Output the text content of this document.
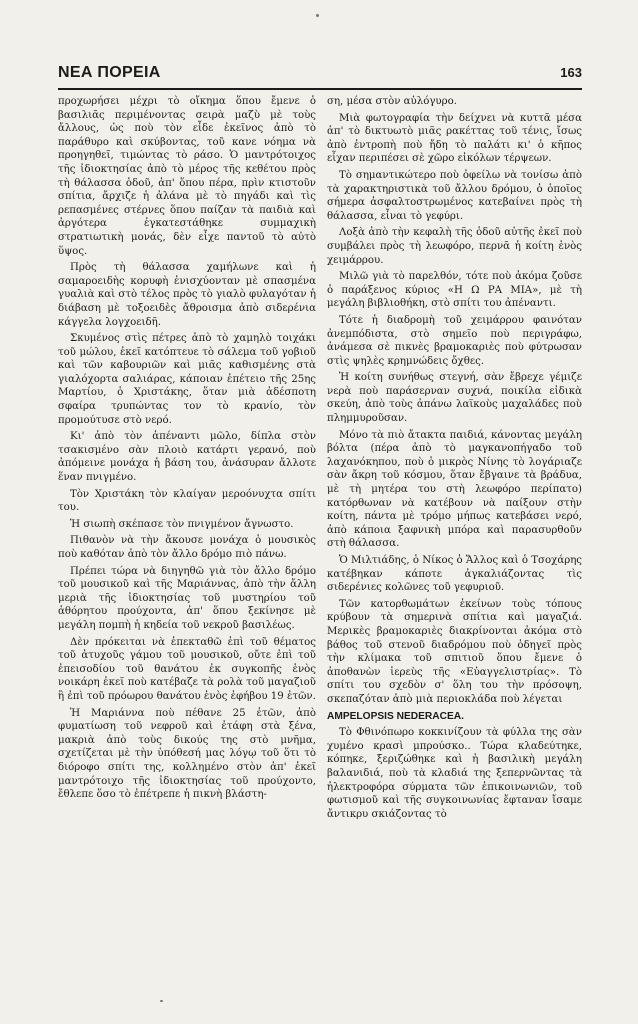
ΝΕΑ ΠΟΡΕΙΑ	163

προχωρήσει μέχρι τὸ οἴκημα ὅπου ἔμενε ὁ βασιλιᾶς περιμένοντας σειρὰ μαζὺ μὲ τοὺς ἄλλους, ὡς ποὺ τὸν εἶδε ἐκεῖνος ἀπὸ τὸ παράθυρο καὶ σκύβοντας, τοῦ κανε νόημα νὰ προηγηθεῖ, τιμώντας τὸ ράσο. Ὁ μαντρότοιχος τῆς ἰδιοκτησίας ἀπὸ τὸ μέρος τῆς κεθέτου πρὸς τὴ θάλασσα ὁδοῦ, ἀπ' ὅπου πέρα, πρὶν κτιστοῦν σπίτια, ἄρχιζε ἡ ἀλάνα μὲ τὸ πηγάδι καὶ τὶς ρεπασμένες στέρνες ὅπου παίζαν τὰ παιδιὰ καὶ ἀργότερα ἐγκατεστάθηκε συμμαχικὴ στρατιωτικὴ μονάς, δὲν εἶχε παντοῦ τὸ αὐτὸ ὕψος.

Πρὸς τὴ θάλασσα χαμήλωνε καὶ ἡ σαμαροειδὴς κορυφὴ ἐνισχύονταν μὲ σπασμένα γυαλιὰ καὶ στὸ τέλος πρὸς τὸ γιαλὸ φυλαγόταν ἡ διάβαση μὲ τοξοειδὲς ἄθροισμα ἀπὸ σιδερένια κάγγελα λογχοειδῆ.

Σκυμένος στὶς πέτρες ἀπὸ τὸ χαμηλὸ τοιχάκι τοῦ μώλου, ἐκεῖ κατόπτευε τὸ σάλεμα τοῦ γοβιοῦ καὶ τῶν καβουριῶν καὶ μιᾶς καθισμένης στὰ γιαλόχορτα σαλιάρας, κάποιαν ἐπέτειο τῆς 25ης Μαρτίου, ὁ Χριστάκης, ὅταν μιὰ ἀδέσποτη σφαίρα τρυπώντας τον τὸ κρανίο, τὸν προμούτυσε στὸ νερό.

Κι' ἀπὸ τὸν ἀπέναντι μῶλο, δίπλα στὸν τσακισμένο σὰν πλοιὸ κατάρτι γερανό, ποὺ ἀπόμεινε μονάχα ἡ βάση του, ἀνάσυραν ἄλλοτε ἕναν πνιγμένο.

Τὸν Χριστάκη τὸν κλαίγαν μεροόνυχτα σπίτι του.

Ἡ σιωπὴ σκέπασε τὸν πνιγμένον ἄγνωστο.

Πιθανὸν νὰ τὴν ἄκουσε μονάχα ὁ μουσικὸς ποὺ καθόταν ἀπὸ τὸν ἄλλο δρόμο πιὸ πάνω.

Πρέπει τώρα νὰ διηγηθῶ γιὰ τὸν ἄλλο δρόμο τοῦ μουσικοῦ καὶ τῆς Μαριάννας, ἀπὸ τὴν ἄλλη μεριὰ τῆς ἰδιοκτησίας τοῦ μυστηρίου τοῦ ἀθόρητου προύχοντα, ἀπ' ὅπου ξεκίνησε μὲ μεγάλη πομπὴ ἡ κηδεία τοῦ νεκροῦ βασιλέως.

Δὲν πρόκειται νὰ ἐπεκταθῶ ἐπὶ τοῦ θέματος τοῦ ἀτυχοῦς γάμου τοῦ μουσικοῦ, οὔτε ἐπὶ τοῦ ἐπεισοδίου τοῦ θανάτου ἐκ συγκοπῆς ἑνὸς νοικάρη ἐκεῖ ποὺ κατέβαζε τὰ ρολὰ τοῦ μαγαζιοῦ ἢ ἐπὶ τοῦ πρόωρου θανάτου ἑνὸς ἐφήβου 19 ἐτῶν.

Ἡ Μαριάννα ποὺ πέθανε 25 ἐτῶν, ἀπὸ φυματίωση τοῦ νεφροῦ καὶ ἐτάφη στὰ ξένα, μακριὰ ἀπὸ τοὺς δικούς της στὸ μνῆμα, σχετίζεται μὲ τὴν ὑπόθεσή μας λόγῳ τοῦ ὅτι τὸ διόροφο σπίτι της, κολλημένο στὸν ἀπ' ἐκεῖ μαντρότοιχο τῆς ἰδιοκτησίας τοῦ προύχοντο, ἔθλεπε ὅσο τὸ ἐπέτρεπε ἡ πικνὴ βλάστη-

ση, μέσα στὸν αὐλόγυρο.

Μιὰ φωτογραφία τὴν δείχνει νὰ κυττᾶ μέσα ἀπ' τὸ δικτυωτὸ μιᾶς ρακέττας τοῦ τένις, ἴσως ἀπὸ ἐντροπὴ ποὺ ἤδη τὸ παλάτι κι' ὁ κῆπος εἶχαν περιπέσει σὲ χῶρο εἰκόλων τέρψεων.

Τὸ σημαντικώτερο ποὺ ὀφείλω νὰ τονίσω ἀπὸ τὰ χαρακτηριστικὰ τοῦ ἄλλου δρόμου, ὁ ὁποῖος σήμερα ἀσφαλτοστρωμένος κατεβαίνει πρὸς τὴ θάλασσα, εἶναι τὸ γεφύρι.

Λοξὰ ἀπὸ τὴν κεφαλὴ τῆς ὁδοῦ αὐτῆς ἐκεῖ ποὺ συμβάλει πρὸς τὴ λεωφόρο, περνᾶ ἡ κοίτη ἑνὸς χειμάρρου.

Μιλῶ γιὰ τὸ παρελθόν, τότε ποὺ ἀκόμα ζοῦσε ὁ παράξενος κύριος «Η Ω ΡΑ ΜΙΑ», μὲ τὴ μεγάλη βιβλιοθήκη, στὸ σπίτι του ἀπέναντι.

Τότε ἡ διαδρομὴ τοῦ χειμάρρου φαινόταν ἀνεμπόδιστα, στὸ σημεῖο ποὺ περιγράφω, ἀνάμεσα σὲ πικνὲς βραμοκαριὲς ποὺ φύτρωσαν στὶς ψηλὲς κρημνώδεις ὄχθες.

Ἡ κοίτη συνήθως στεγνή, σὰν ἔβρεχε γέμιζε νερὰ ποὺ παράσερναν συχνά, ποικίλα εἰδικὰ σκεύη, ἀπὸ τοὺς ἀπάνω λαϊκοὺς μαχαλάδες ποὺ πλημμυροῦσαν.

Μόνο τὰ πιὸ ἄτακτα παιδιά, κάνοντας μεγάλη βόλτα (πέρα ἀπὸ τὸ μαγκανοπήγαδο τοῦ λαχανόκηπου, ποὺ ὁ μικρὸς Νίνης τὸ λογάριαζε σὰν ἄκρη τοῦ κόσμου, ὅταν ἔβγαινε τὰ βράδυα, μὲ τὴ μητέρα του στὴ λεωφόρο περίπατο) κατόρθωναν νὰ κατέβουν νὰ παίξουν στὴν κοίτη, πάντα μὲ τρόμο μήπως κατεβάσει νερό, ἀπὸ κάποια ξαφνικὴ μπόρα καὶ παρασυρθοῦν στὴ θάλασσα.

Ὁ Μιλτιάδης, ὁ Νίκος ὁ Ἄλλος καὶ ὁ Τσοχάρης κατέβηκαν κάποτε ἀγκαλιάζοντας τὶς σιδερένιες κολῶνες τοῦ γεφυριοῦ.

Τῶν κατορθωμάτων ἐκείνων τοὺς τόπους κρύβουν τὰ σημερινὰ σπίτια καὶ μαγαζιά. Μερικὲς βραμοκαριὲς διακρίνονται ἀκόμα στὸ βάθος τοῦ στενοῦ διαδρόμου ποὺ ὁδηγεῖ πρὸς τὴν κλίμακα τοῦ σπιτιοῦ ὅπου ἔμενε ὁ ἀποθανὼν ἱερεὺς τῆς «Εὐαγγελιστρίας». Τὸ σπίτι του σχεδὸν σ' ὅλη του τὴν πρόσοψη, σκεπαζόταν ἀπὸ μιὰ περιοκλάδα ποὺ λέγεται

AMPELOPSIS NEDERACEA.

Τὸ Φθινόπωρο κοκκινίζουν τὰ φύλλα της σὰν χυμένο κρασὶ μπρούσκο.. Τώρα κλαδεύτηκε, κόπηκε, ξεριζώθηκε καὶ ἡ βασιλικὴ μεγάλη βαλανιδιά, ποὺ τὰ κλαδιά της ξεπερνῶντας τὰ ἠλεκτροφόρα σύρματα τῶν ἐπικοινωνιῶν, τοῦ φωτισμοῦ καὶ τῆς συγκοινωνίας ἔφταναν ἴσαμε ἄντικρυ σκιάζοντας τὸ
